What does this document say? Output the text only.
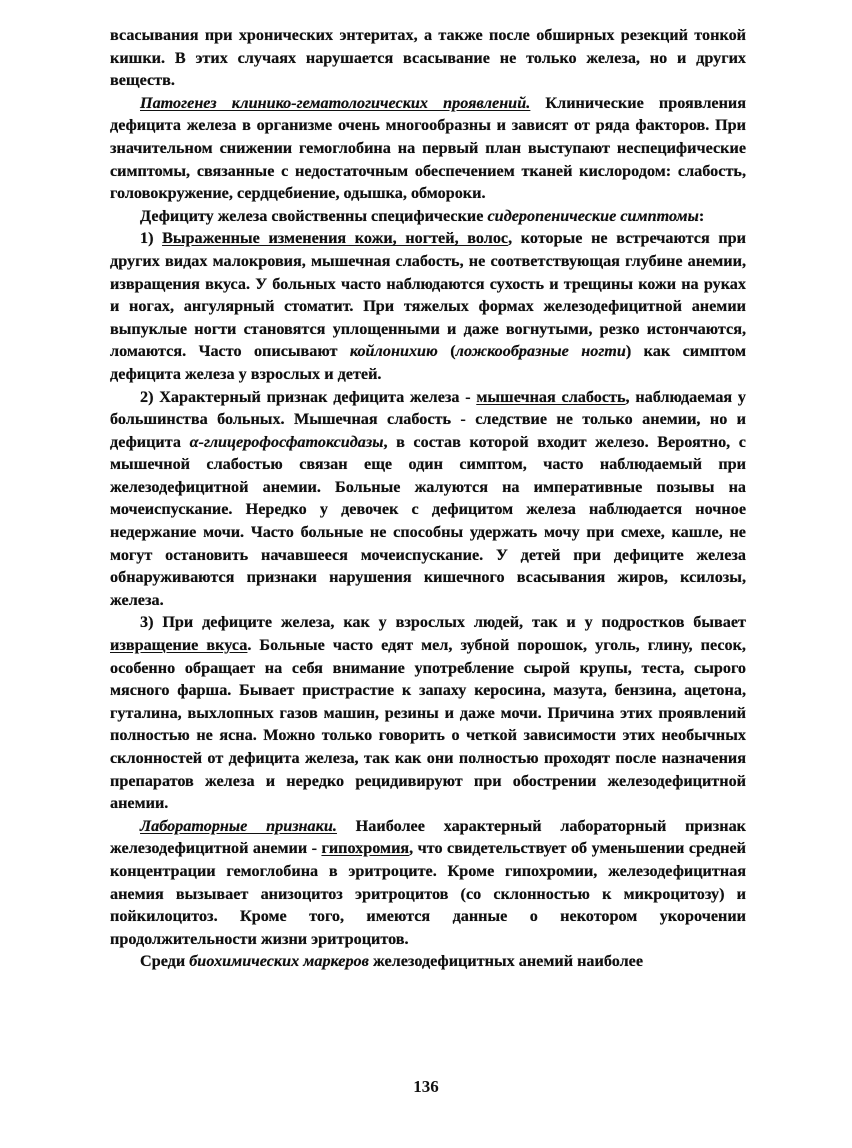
всасывания при хронических энтеритах, а также после обширных резекций тонкой кишки. В этих случаях нарушается всасывание не только железа, но и других веществ.

Патогенез клинико-гематологических проявлений. Клинические проявления дефицита железа в организме очень многообразны и зависят от ряда факторов. При значительном снижении гемоглобина на первый план выступают неспецифические симптомы, связанные с недостаточным обеспечением тканей кислородом: слабость, головокружение, сердцебиение, одышка, обмороки.

Дефициту железа свойственны специфические сидеропенические симптомы:

1) Выраженные изменения кожи, ногтей, волос, которые не встречаются при других видах малокровия, мышечная слабость, не соответствующая глубине анемии, извращения вкуса. У больных часто наблюдаются сухость и трещины кожи на руках и ногах, ангулярный стоматит. При тяжелых формах железодефицитной анемии выпуклые ногти становятся уплощенными и даже вогнутыми, резко истончаются, ломаются. Часто описывают койлонихию (ложкообразные ногти) как симптом дефицита железа у взрослых и детей.

2) Характерный признак дефицита железа - мышечная слабость, наблюдаемая у большинства больных. Мышечная слабость - следствие не только анемии, но и дефицита α-глицерофосфатоксидазы, в состав которой входит железо. Вероятно, с мышечной слабостью связан еще один симптом, часто наблюдаемый при железодефицитной анемии. Больные жалуются на императивные позывы на мочеиспускание. Нередко у девочек с дефицитом железа наблюдается ночное недержание мочи. Часто больные не способны удержать мочу при смехе, кашле, не могут остановить начавшееся мочеиспускание. У детей при дефиците железа обнаруживаются признаки нарушения кишечного всасывания жиров, ксилозы, железа.

3) При дефиците железа, как у взрослых людей, так и у подростков бывает извращение вкуса. Больные часто едят мел, зубной порошок, уголь, глину, песок, особенно обращает на себя внимание употребление сырой крупы, теста, сырого мясного фарша. Бывает пристрастие к запаху керосина, мазута, бензина, ацетона, гуталина, выхлопных газов машин, резины и даже мочи. Причина этих проявлений полностью не ясна. Можно только говорить о четкой зависимости этих необычных склонностей от дефицита железа, так как они полностью проходят после назначения препаратов железа и нередко рецидивируют при обострении железодефицитной анемии.

Лабораторные признаки. Наиболее характерный лабораторный признак железодефицитной анемии - гипохромия, что свидетельствует об уменьшении средней концентрации гемоглобина в эритроците. Кроме гипохромии, железодефицитная анемия вызывает анизоцитоз эритроцитов (со склонностью к микроцитозу) и пойкилоцитоз. Кроме того, имеются данные о некотором укорочении продолжительности жизни эритроцитов.

Среди биохимических маркеров железодефицитных анемий наиболее

136
